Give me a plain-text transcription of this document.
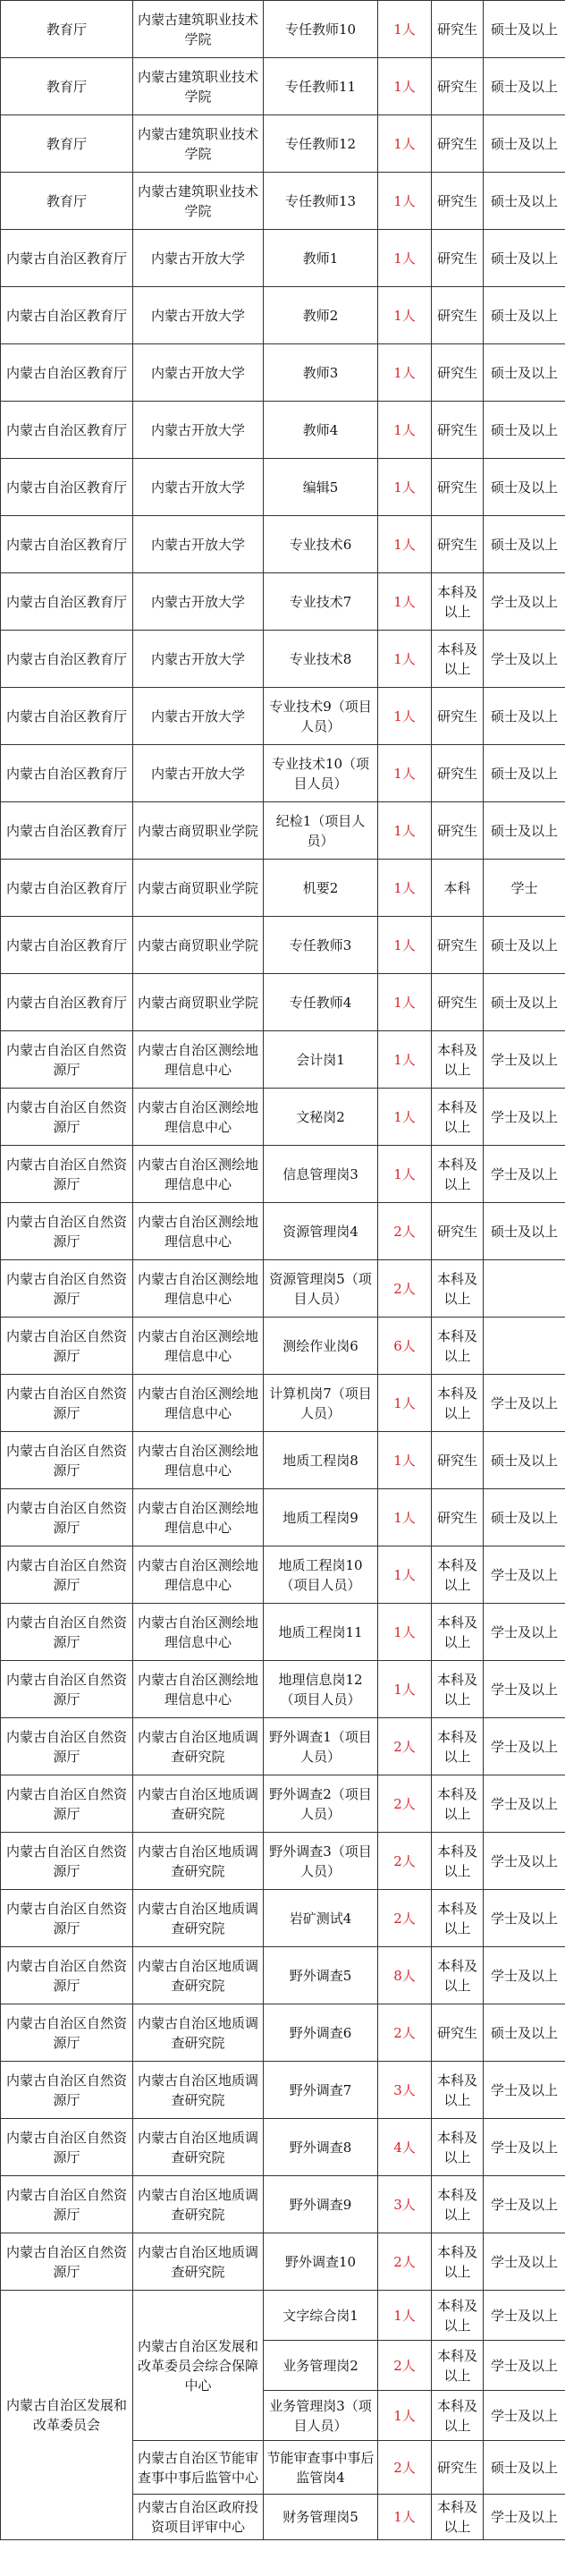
教育厅	内蒙古建筑职业技术学院	专任教师10	1人	研究生	硕士及以上
教育厅	内蒙古建筑职业技术学院	专任教师11	1人	研究生	硕士及以上
教育厅	内蒙古建筑职业技术学院	专任教师12	1人	研究生	硕士及以上
教育厅	内蒙古建筑职业技术学院	专任教师13	1人	研究生	硕士及以上
内蒙古自治区教育厅	内蒙古开放大学	教师1	1人	研究生	硕士及以上
内蒙古自治区教育厅	内蒙古开放大学	教师2	1人	研究生	硕士及以上
内蒙古自治区教育厅	内蒙古开放大学	教师3	1人	研究生	硕士及以上
内蒙古自治区教育厅	内蒙古开放大学	教师4	1人	研究生	硕士及以上
内蒙古自治区教育厅	内蒙古开放大学	编辑5	1人	研究生	硕士及以上
内蒙古自治区教育厅	内蒙古开放大学	专业技术6	1人	研究生	硕士及以上
内蒙古自治区教育厅	内蒙古开放大学	专业技术7	1人	本科及以上	学士及以上
内蒙古自治区教育厅	内蒙古开放大学	专业技术8	1人	本科及以上	学士及以上
内蒙古自治区教育厅	内蒙古开放大学	专业技术9（项目人员）	1人	研究生	硕士及以上
内蒙古自治区教育厅	内蒙古开放大学	专业技术10（项目人员）	1人	研究生	硕士及以上
内蒙古自治区教育厅	内蒙古商贸职业学院	纪检1（项目人员）	1人	研究生	硕士及以上
内蒙古自治区教育厅	内蒙古商贸职业学院	机要2	1人	本科	学士
内蒙古自治区教育厅	内蒙古商贸职业学院	专任教师3	1人	研究生	硕士及以上
内蒙古自治区教育厅	内蒙古商贸职业学院	专任教师4	1人	研究生	硕士及以上
内蒙古自治区自然资源厅	内蒙古自治区测绘地理信息中心	会计岗1	1人	本科及以上	学士及以上
内蒙古自治区自然资源厅	内蒙古自治区测绘地理信息中心	文秘岗2	1人	本科及以上	学士及以上
内蒙古自治区自然资源厅	内蒙古自治区测绘地理信息中心	信息管理岗3	1人	本科及以上	学士及以上
内蒙古自治区自然资源厅	内蒙古自治区测绘地理信息中心	资源管理岗4	2人	研究生	硕士及以上
内蒙古自治区自然资源厅	内蒙古自治区测绘地理信息中心	资源管理岗5（项目人员）	2人	本科及以上	
内蒙古自治区自然资源厅	内蒙古自治区测绘地理信息中心	测绘作业岗6	6人	本科及以上	
内蒙古自治区自然资源厅	内蒙古自治区测绘地理信息中心	计算机岗7（项目人员）	1人	本科及以上	学士及以上
内蒙古自治区自然资源厅	内蒙古自治区测绘地理信息中心	地质工程岗8	1人	研究生	硕士及以上
内蒙古自治区自然资源厅	内蒙古自治区测绘地理信息中心	地质工程岗9	1人	研究生	硕士及以上
内蒙古自治区自然资源厅	内蒙古自治区测绘地理信息中心	地质工程岗10（项目人员）	1人	本科及以上	学士及以上
内蒙古自治区自然资源厅	内蒙古自治区测绘地理信息中心	地质工程岗11	1人	本科及以上	学士及以上
内蒙古自治区自然资源厅	内蒙古自治区测绘地理信息中心	地理信息岗12（项目人员）	1人	本科及以上	学士及以上
内蒙古自治区自然资源厅	内蒙古自治区地质调查研究院	野外调查1（项目人员）	2人	本科及以上	学士及以上
内蒙古自治区自然资源厅	内蒙古自治区地质调查研究院	野外调查2（项目人员）	2人	本科及以上	学士及以上
内蒙古自治区自然资源厅	内蒙古自治区地质调查研究院	野外调查3（项目人员）	2人	本科及以上	学士及以上
内蒙古自治区自然资源厅	内蒙古自治区地质调查研究院	岩矿测试4	2人	本科及以上	学士及以上
内蒙古自治区自然资源厅	内蒙古自治区地质调查研究院	野外调查5	8人	本科及以上	学士及以上
内蒙古自治区自然资源厅	内蒙古自治区地质调查研究院	野外调查6	2人	研究生	硕士及以上
内蒙古自治区自然资源厅	内蒙古自治区地质调查研究院	野外调查7	3人	本科及以上	学士及以上
内蒙古自治区自然资源厅	内蒙古自治区地质调查研究院	野外调查8	4人	本科及以上	学士及以上
内蒙古自治区自然资源厅	内蒙古自治区地质调查研究院	野外调查9	3人	本科及以上	学士及以上
内蒙古自治区自然资源厅	内蒙古自治区地质调查研究院	野外调查10	2人	本科及以上	学士及以上
内蒙古自治区发展和改革委员会	内蒙古自治区发展和改革委员会综合保障中心	文字综合岗1	1人	本科及以上	学士及以上
		业务管理岗2	2人	本科及以上	学士及以上
		业务管理岗3（项目人员）	1人	本科及以上	学士及以上
	内蒙古自治区节能审查事中事后监管中心	节能审查事中事后监管岗4	2人	研究生	硕士及以上
	内蒙古自治区政府投资项目评审中心	财务管理岗5	1人	本科及以上	学士及以上
